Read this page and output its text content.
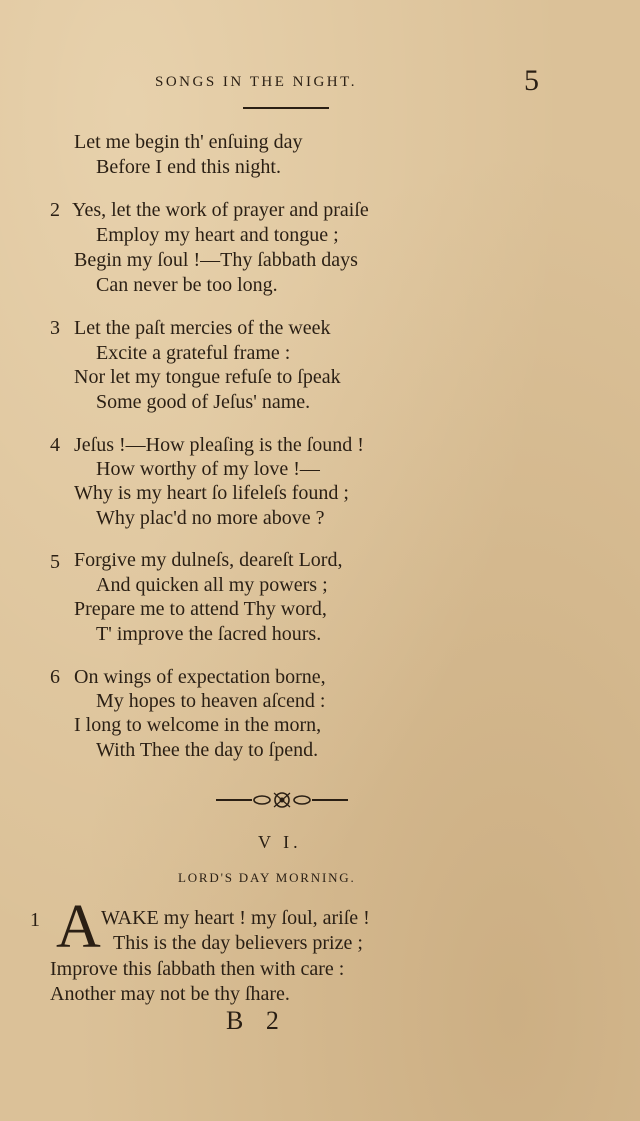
SONGS IN THE NIGHT.	5
Let me begin th' enſuing day
Before I end this night.
2 Yes, let the work of prayer and praiſe
Employ my heart and tongue ;
Begin my ſoul !—Thy ſabbath days
Can never be too long.
3 Let the paſt mercies of the week
Excite a grateful frame :
Nor let my tongue refuſe to ſpeak
Some good of Jeſus' name.
4 Jeſus !—How pleaſing is the ſound !
How worthy of my love !—
Why is my heart ſo lifeleſs found ;
Why plac'd no more above ?
5 Forgive my dulneſs, deareſt Lord,
And quicken all my powers ;
Prepare me to attend Thy word,
T' improve the ſacred hours.
6 On wings of expectation borne,
My hopes to heaven aſcend :
I long to welcome in the morn,
With Thee the day to ſpend.
V I.
LORD'S DAY MORNING.
1 A WAKE my heart ! my ſoul, ariſe !
This is the day believers prize ;
Improve this ſabbath then with care :
Another may not be thy ſhare.
B 2
